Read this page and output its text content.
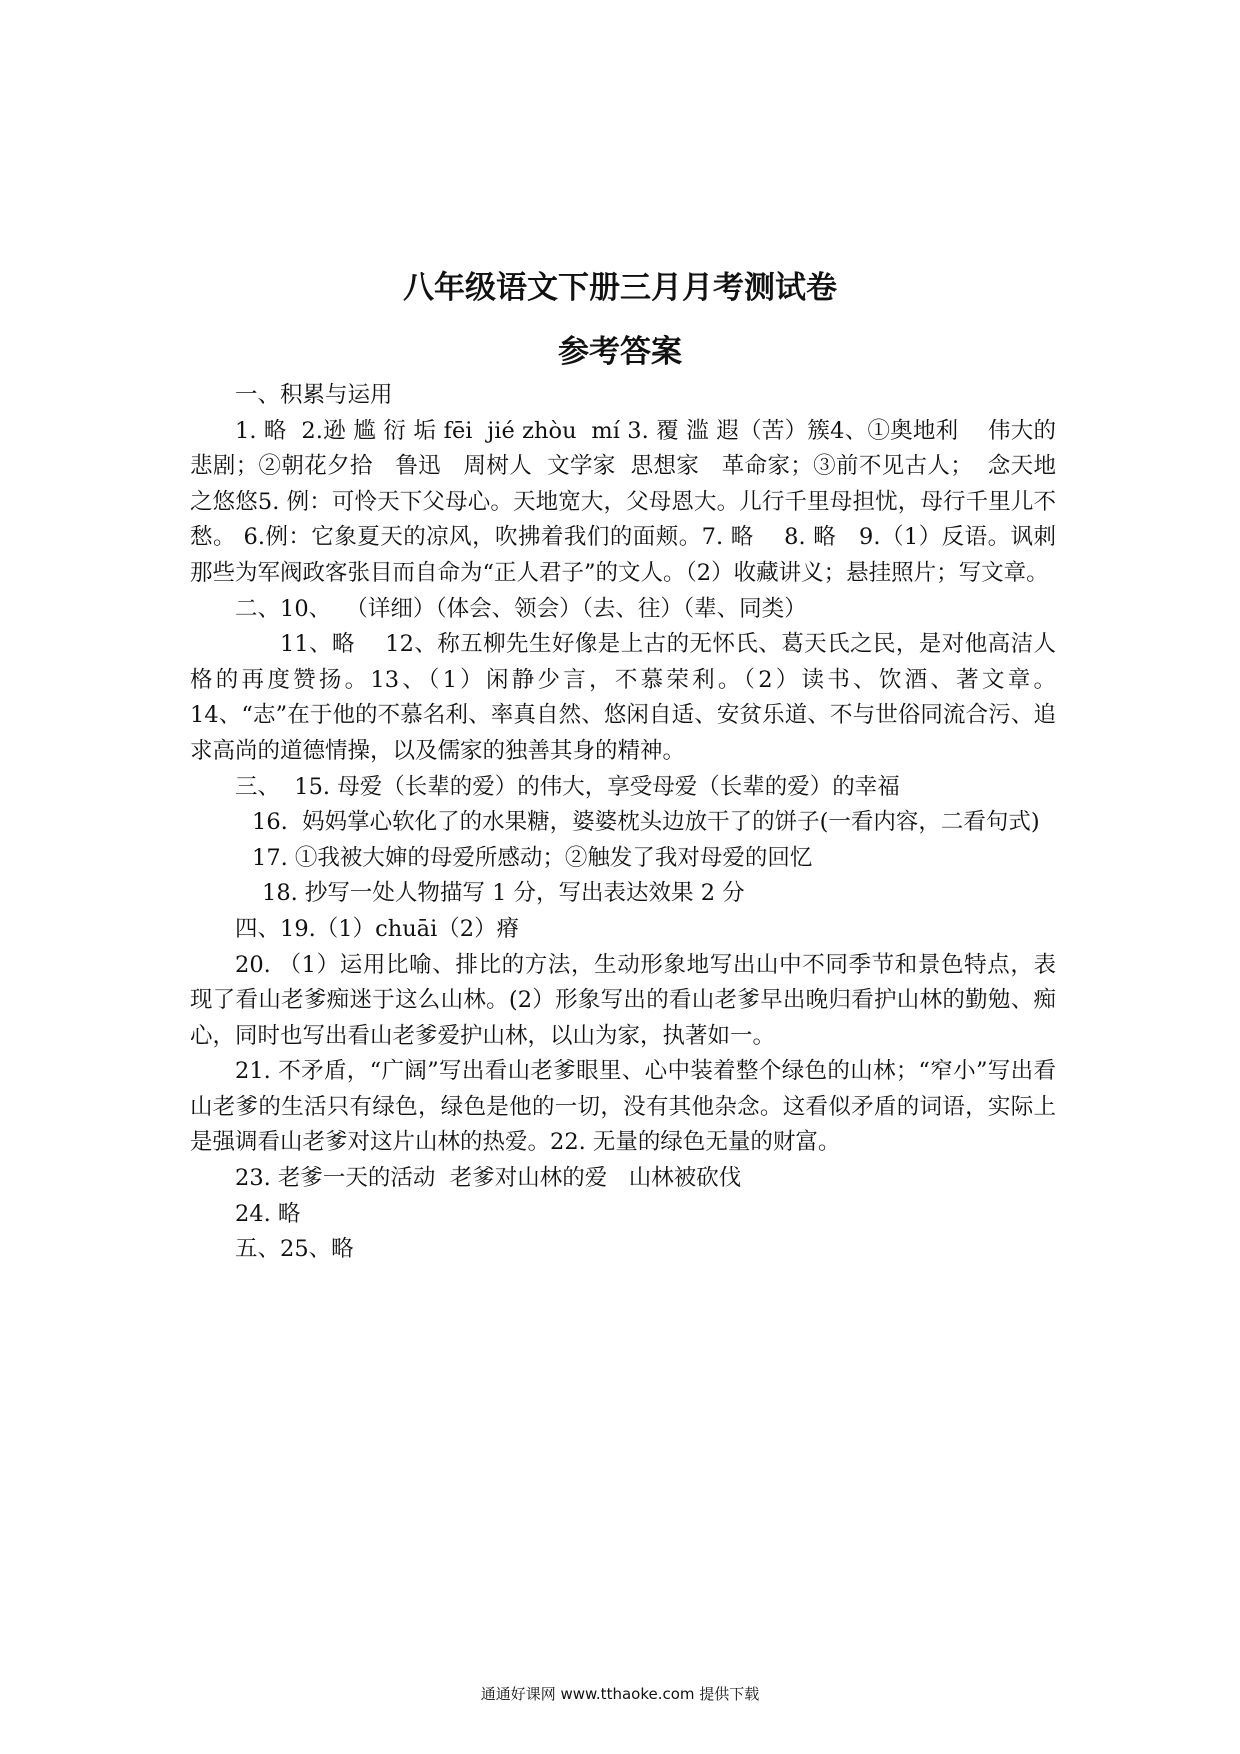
八年级语文下册三月月考测试卷
参考答案

一、积累与运用

1. 略  2.逊 尴 衍 垢 fēi  jié zhòu  mí 3. 覆 滥 遐（苦）簇4、①奥地利    伟大的悲剧；②朝花夕拾   鲁迅   周树人  文学家  思想家   革命家；③前不见古人；  念天地之悠悠5. 例：可怜天下父母心。天地宽大，父母恩大。儿行千里母担忧，母行千里儿不愁。 6.例：它象夏天的凉风，吹拂着我们的面颊。7. 略    8. 略   9.（1）反语。讽刺那些为军阀政客张目而自命为“正人君子”的文人。（2）收藏讲义；悬挂照片；写文章。

二、10、  （详细）（体会、领会）（去、往）（辈、同类）

11、略    12、称五柳先生好像是上古的无怀氏、葛天氏之民，是对他高洁人格的再度赞扬。13、（1）闲静少言，不慕荣利。（2）读书、饮酒、著文章。14、“志”在于他的不慕名利、率真自然、悠闲自适、安贫乐道、不与世俗同流合污、追求高尚的道德情操，以及儒家的独善其身的精神。

三、  15. 母爱（长辈的爱）的伟大，享受母爱（长辈的爱）的幸福

16.  妈妈掌心软化了的水果糖，婆婆枕头边放干了的饼子(一看内容，二看句式)

17. ①我被大婶的母爱所感动；②触发了我对母爱的回忆

18. 抄写一处人物描写 1 分，写出表达效果 2 分

四、19.（1）chuāi（2）瘠

20. （1）运用比喻、排比的方法，生动形象地写出山中不同季节和景色特点，表现了看山老爹痴迷于这么山林。(2）形象写出的看山老爹早出晚归看护山林的勤勉、痴心，同时也写出看山老爹爱护山林，以山为家，执著如一。

21. 不矛盾，“广阔”写出看山老爹眼里、心中装着整个绿色的山林；“窄小”写出看山老爹的生活只有绿色，绿色是他的一切，没有其他杂念。这看似矛盾的词语，实际上是强调看山老爹对这片山林的热爱。22. 无量的绿色无量的财富。

23. 老爹一天的活动  老爹对山林的爱   山林被砍伐

24. 略

五、25、略

通通好课网 www.tthaoke.com 提供下载
